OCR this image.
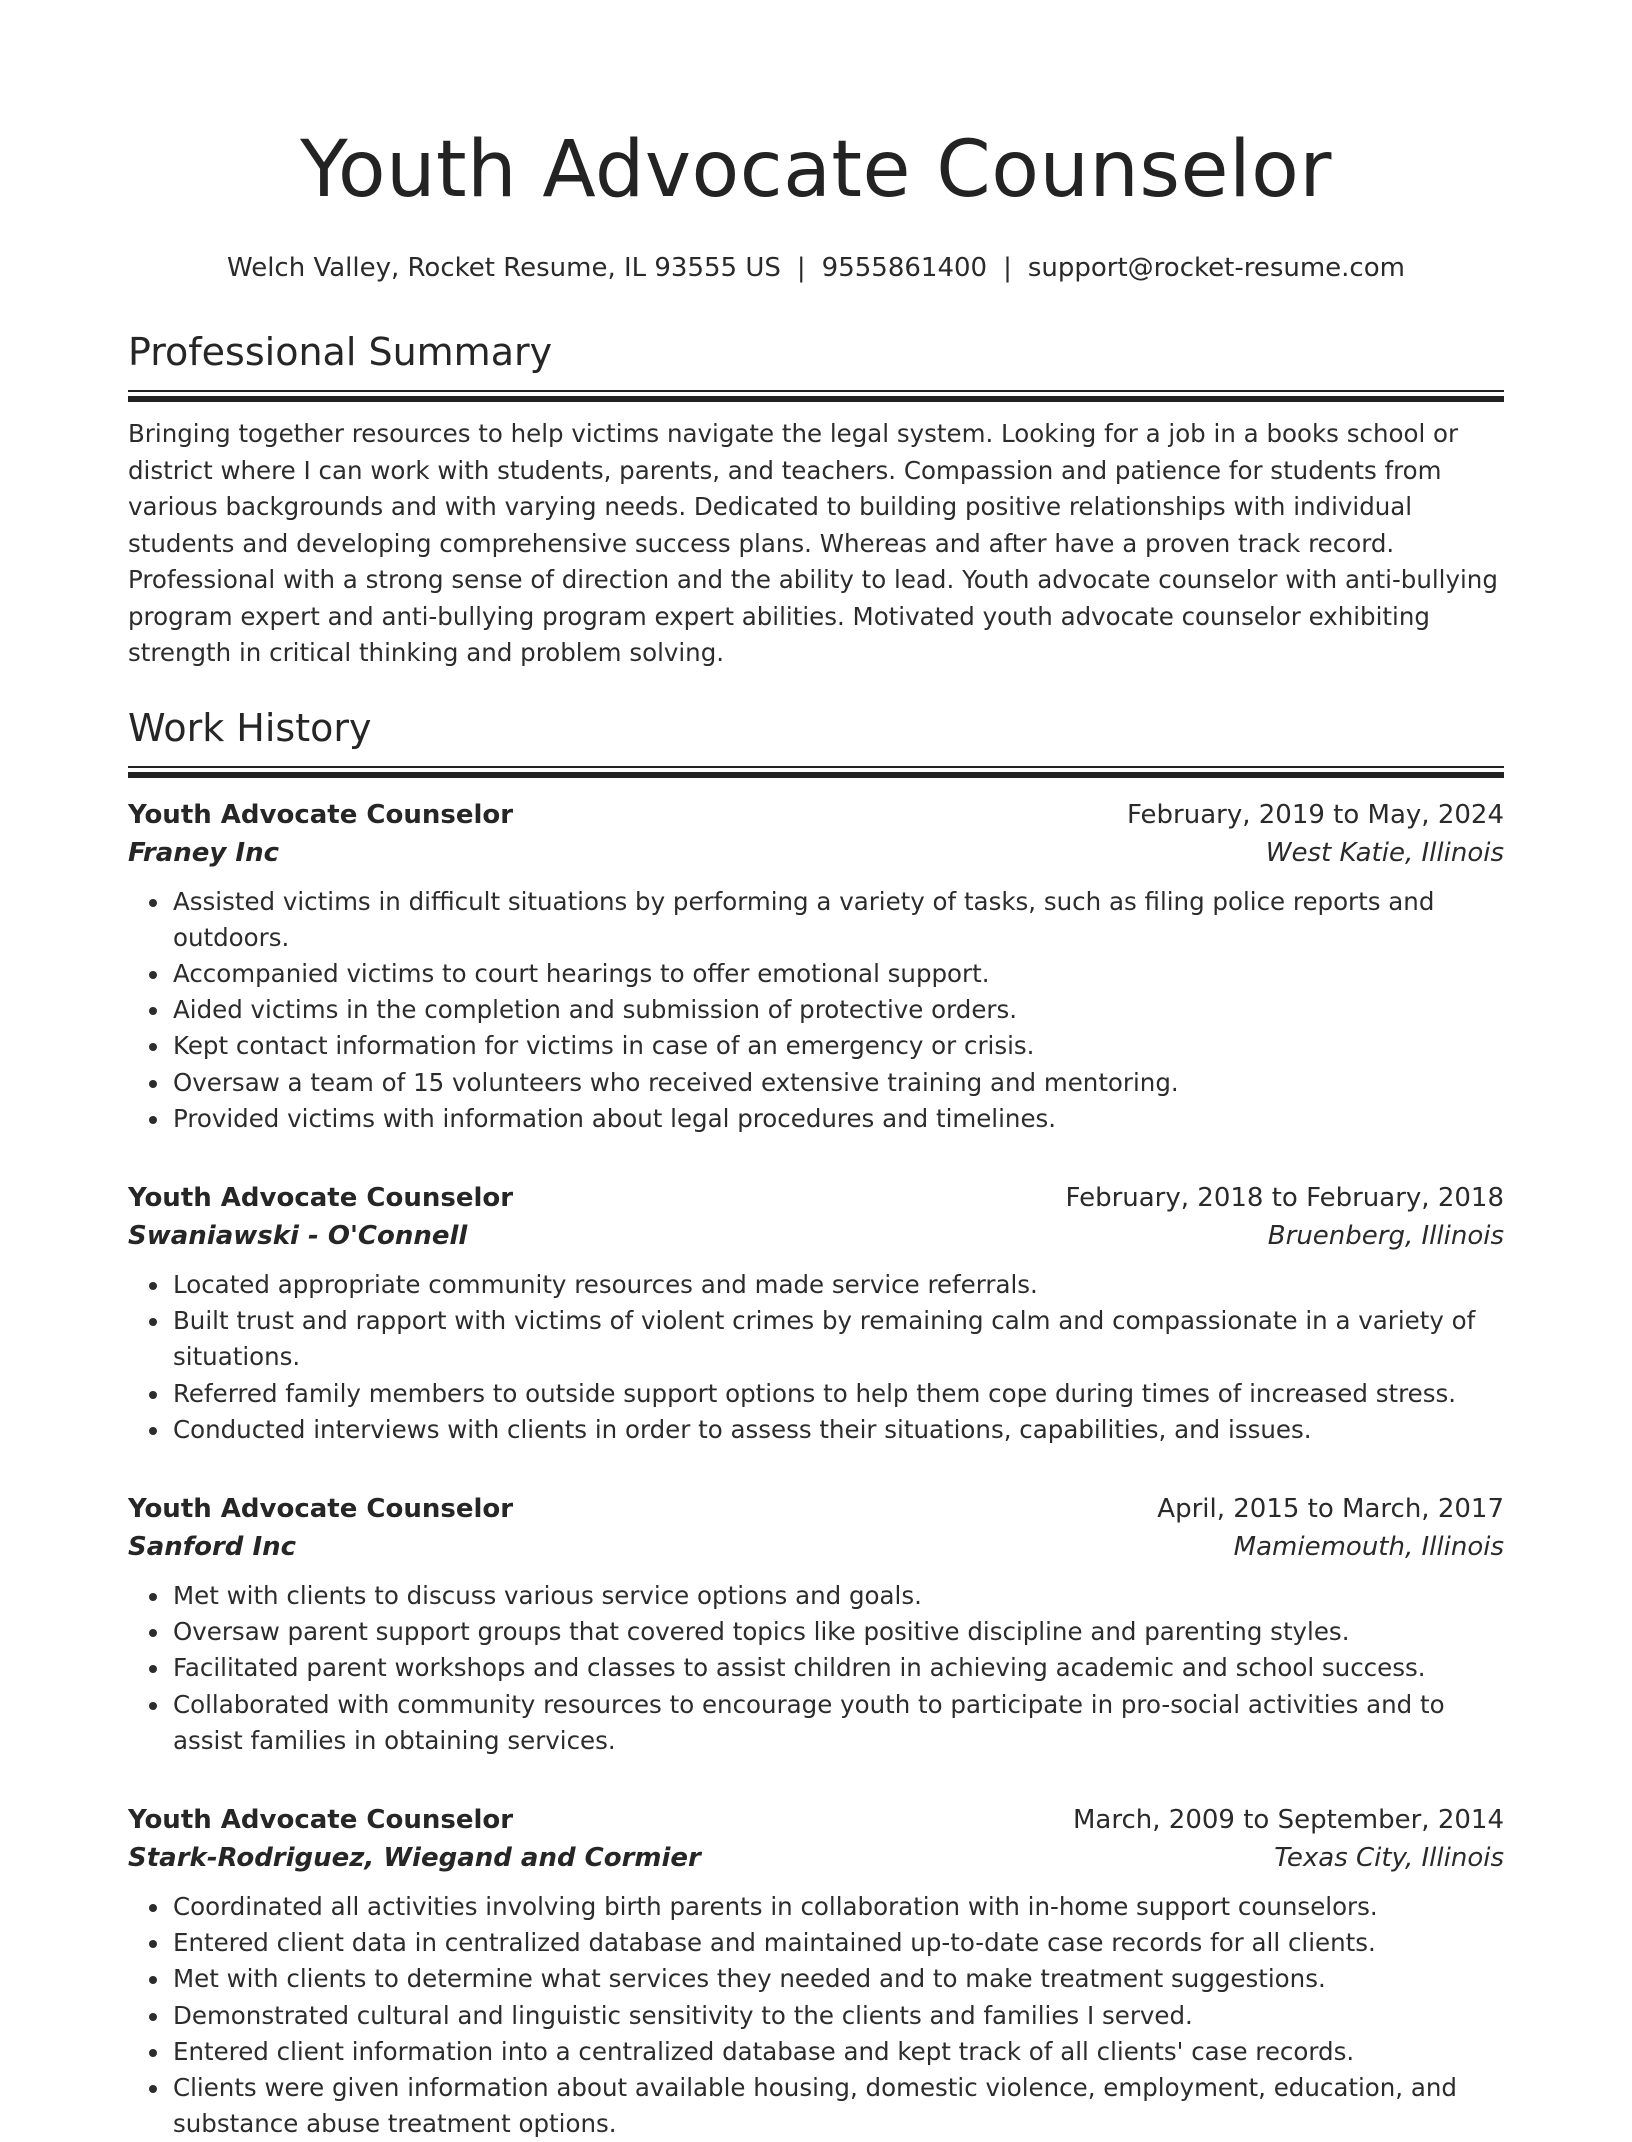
Youth Advocate Counselor
Welch Valley, Rocket Resume, IL 93555 US | 9555861400 | support@rocket-resume.com
Professional Summary
Bringing together resources to help victims navigate the legal system. Looking for a job in a books school or district where I can work with students, parents, and teachers. Compassion and patience for students from various backgrounds and with varying needs. Dedicated to building positive relationships with individual students and developing comprehensive success plans. Whereas and after have a proven track record. Professional with a strong sense of direction and the ability to lead. Youth advocate counselor with anti-bullying program expert and anti-bullying program expert abilities. Motivated youth advocate counselor exhibiting strength in critical thinking and problem solving.
Work History
Youth Advocate Counselor	February, 2019 to May, 2024
Franey Inc	West Katie, Illinois
• Assisted victims in difficult situations by performing a variety of tasks, such as filing police reports and outdoors.
• Accompanied victims to court hearings to offer emotional support.
• Aided victims in the completion and submission of protective orders.
• Kept contact information for victims in case of an emergency or crisis.
• Oversaw a team of 15 volunteers who received extensive training and mentoring.
• Provided victims with information about legal procedures and timelines.
Youth Advocate Counselor	February, 2018 to February, 2018
Swaniawski - O'Connell	Bruenberg, Illinois
• Located appropriate community resources and made service referrals.
• Built trust and rapport with victims of violent crimes by remaining calm and compassionate in a variety of situations.
• Referred family members to outside support options to help them cope during times of increased stress.
• Conducted interviews with clients in order to assess their situations, capabilities, and issues.
Youth Advocate Counselor	April, 2015 to March, 2017
Sanford Inc	Mamiemouth, Illinois
• Met with clients to discuss various service options and goals.
• Oversaw parent support groups that covered topics like positive discipline and parenting styles.
• Facilitated parent workshops and classes to assist children in achieving academic and school success.
• Collaborated with community resources to encourage youth to participate in pro-social activities and to assist families in obtaining services.
Youth Advocate Counselor	March, 2009 to September, 2014
Stark-Rodriguez, Wiegand and Cormier	Texas City, Illinois
• Coordinated all activities involving birth parents in collaboration with in-home support counselors.
• Entered client data in centralized database and maintained up-to-date case records for all clients.
• Met with clients to determine what services they needed and to make treatment suggestions.
• Demonstrated cultural and linguistic sensitivity to the clients and families I served.
• Entered client information into a centralized database and kept track of all clients' case records.
• Clients were given information about available housing, domestic violence, employment, education, and substance abuse treatment options.
